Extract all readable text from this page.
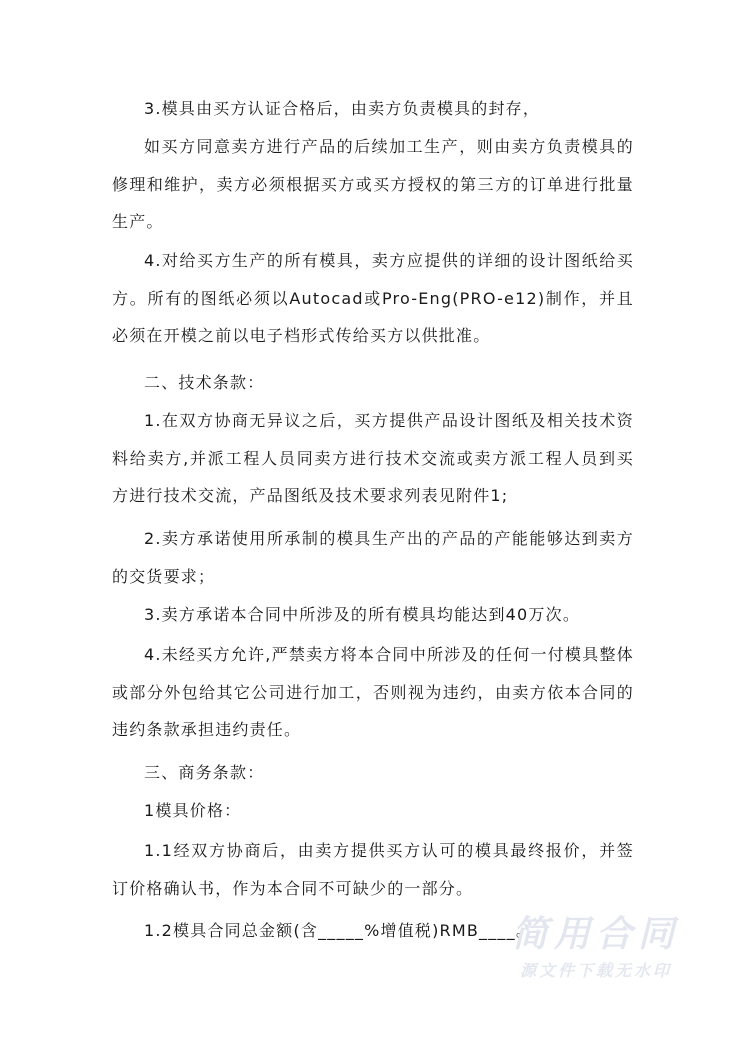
3.模具由买方认证合格后，由卖方负责模具的封存，

如买方同意卖方进行产品的后续加工生产，则由卖方负责模具的修理和维护，卖方必须根据买方或买方授权的第三方的订单进行批量生产。

4.对给买方生产的所有模具，卖方应提供的详细的设计图纸给买方。所有的图纸必须以Autocad或Pro-Eng(PRO-e12)制作，并且必须在开模之前以电子档形式传给买方以供批准。

二、技术条款：

1.在双方协商无异议之后，买方提供产品设计图纸及相关技术资料给卖方,并派工程人员同卖方进行技术交流或卖方派工程人员到买方进行技术交流，产品图纸及技术要求列表见附件1;

2.卖方承诺使用所承制的模具生产出的产品的产能能够达到卖方的交货要求；

3.卖方承诺本合同中所涉及的所有模具均能达到40万次。

4.未经买方允许,严禁卖方将本合同中所涉及的任何一付模具整体或部分外包给其它公司进行加工，否则视为违约，由卖方依本合同的违约条款承担违约责任。

三、商务条款：

1模具价格：

1.1经双方协商后，由卖方提供买方认可的模具最终报价，并签订价格确认书，作为本合同不可缺少的一部分。

1.2模具合同总金额(含_____%增值税)RMB____。

简用合同
源文件下载无水印
